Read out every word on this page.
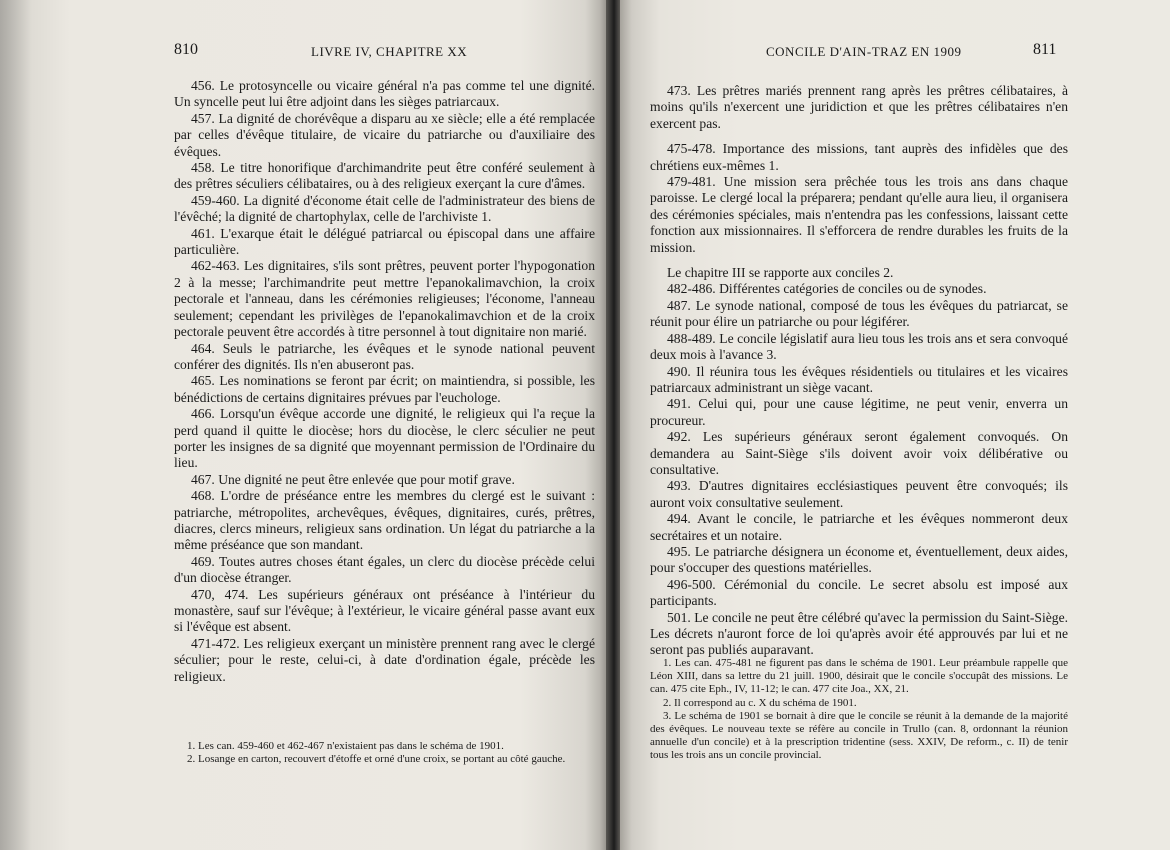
810	LIVRE IV, CHAPITRE XX

456. Le protosyncelle ou vicaire général n'a pas comme tel une dignité. Un syncelle peut lui être adjoint dans les sièges patriarcaux.

457. La dignité de chorévêque a disparu au xe siècle; elle a été remplacée par celles d'évêque titulaire, de vicaire du patriarche ou d'auxiliaire des évêques.

458. Le titre honorifique d'archimandrite peut être conféré seulement à des prêtres séculiers célibataires, ou à des religieux exerçant la cure d'âmes.

459-460. La dignité d'économe était celle de l'administrateur des biens de l'évêché; la dignité de chartophylax, celle de l'archiviste 1.

461. L'exarque était le délégué patriarcal ou épiscopal dans une affaire particulière.

462-463. Les dignitaires, s'ils sont prêtres, peuvent porter l'hypogonation 2 à la messe; l'archimandrite peut mettre l'epanokalimavchion, la croix pectorale et l'anneau, dans les cérémonies religieuses; l'économe, l'anneau seulement; cependant les privilèges de l'epanokalimavchion et de la croix pectorale peuvent être accordés à titre personnel à tout dignitaire non marié.

464. Seuls le patriarche, les évêques et le synode national peuvent conférer des dignités. Ils n'en abuseront pas.

465. Les nominations se feront par écrit; on maintiendra, si possible, les bénédictions de certains dignitaires prévues par l'euchologe.

466. Lorsqu'un évêque accorde une dignité, le religieux qui l'a reçue la perd quand il quitte le diocèse; hors du diocèse, le clerc séculier ne peut porter les insignes de sa dignité que moyennant permission de l'Ordinaire du lieu.

467. Une dignité ne peut être enlevée que pour motif grave.

468. L'ordre de préséance entre les membres du clergé est le suivant : patriarche, métropolites, archevêques, évêques, dignitaires, curés, prêtres, diacres, clercs mineurs, religieux sans ordination. Un légat du patriarche a la même préséance que son mandant.

469. Toutes autres choses étant égales, un clerc du diocèse précède celui d'un diocèse étranger.

470, 474. Les supérieurs généraux ont préséance à l'intérieur du monastère, sauf sur l'évêque; à l'extérieur, le vicaire général passe avant eux si l'évêque est absent.

471-472. Les religieux exerçant un ministère prennent rang avec le clergé séculier; pour le reste, celui-ci, à date d'ordination égale, précède les religieux.

1. Les can. 459-460 et 462-467 n'existaient pas dans le schéma de 1901.

2. Losange en carton, recouvert d'étoffe et orné d'une croix, se portant au côté gauche.

CONCILE D'AIN-TRAZ EN 1909	811

473. Les prêtres mariés prennent rang après les prêtres célibataires, à moins qu'ils n'exercent une juridiction et que les prêtres célibataires n'en exercent pas.

475-478. Importance des missions, tant auprès des infidèles que des chrétiens eux-mêmes 1.

479-481. Une mission sera prêchée tous les trois ans dans chaque paroisse. Le clergé local la préparera; pendant qu'elle aura lieu, il organisera des cérémonies spéciales, mais n'entendra pas les confessions, laissant cette fonction aux missionnaires. Il s'efforcera de rendre durables les fruits de la mission.

Le chapitre III se rapporte aux conciles 2.

482-486. Différentes catégories de conciles ou de synodes.

487. Le synode national, composé de tous les évêques du patriarcat, se réunit pour élire un patriarche ou pour légiférer.

488-489. Le concile législatif aura lieu tous les trois ans et sera convoqué deux mois à l'avance 3.

490. Il réunira tous les évêques résidentiels ou titulaires et les vicaires patriarcaux administrant un siège vacant.

491. Celui qui, pour une cause légitime, ne peut venir, enverra un procureur.

492. Les supérieurs généraux seront également convoqués. On demandera au Saint-Siège s'ils doivent avoir voix délibérative ou consultative.

493. D'autres dignitaires ecclésiastiques peuvent être convoqués; ils auront voix consultative seulement.

494. Avant le concile, le patriarche et les évêques nommeront deux secrétaires et un notaire.

495. Le patriarche désignera un économe et, éventuellement, deux aides, pour s'occuper des questions matérielles.

496-500. Cérémonial du concile. Le secret absolu est imposé aux participants.

501. Le concile ne peut être célébré qu'avec la permission du Saint-Siège. Les décrets n'auront force de loi qu'après avoir été approuvés par lui et ne seront pas publiés auparavant.

1. Les can. 475-481 ne figurent pas dans le schéma de 1901. Leur préambule rappelle que Léon XIII, dans sa lettre du 21 juill. 1900, désirait que le concile s'occupât des missions. Le can. 475 cite Eph., IV, 11-12; le can. 477 cite Joa., XX, 21.

2. Il correspond au c. X du schéma de 1901.

3. Le schéma de 1901 se bornait à dire que le concile se réunit à la demande de la majorité des évêques. Le nouveau texte se réfère au concile in Trullo (can. 8, ordonnant la réunion annuelle d'un concile) et à la prescription tridentine (sess. XXIV, De reform., c. II) de tenir tous les trois ans un concile provincial.
